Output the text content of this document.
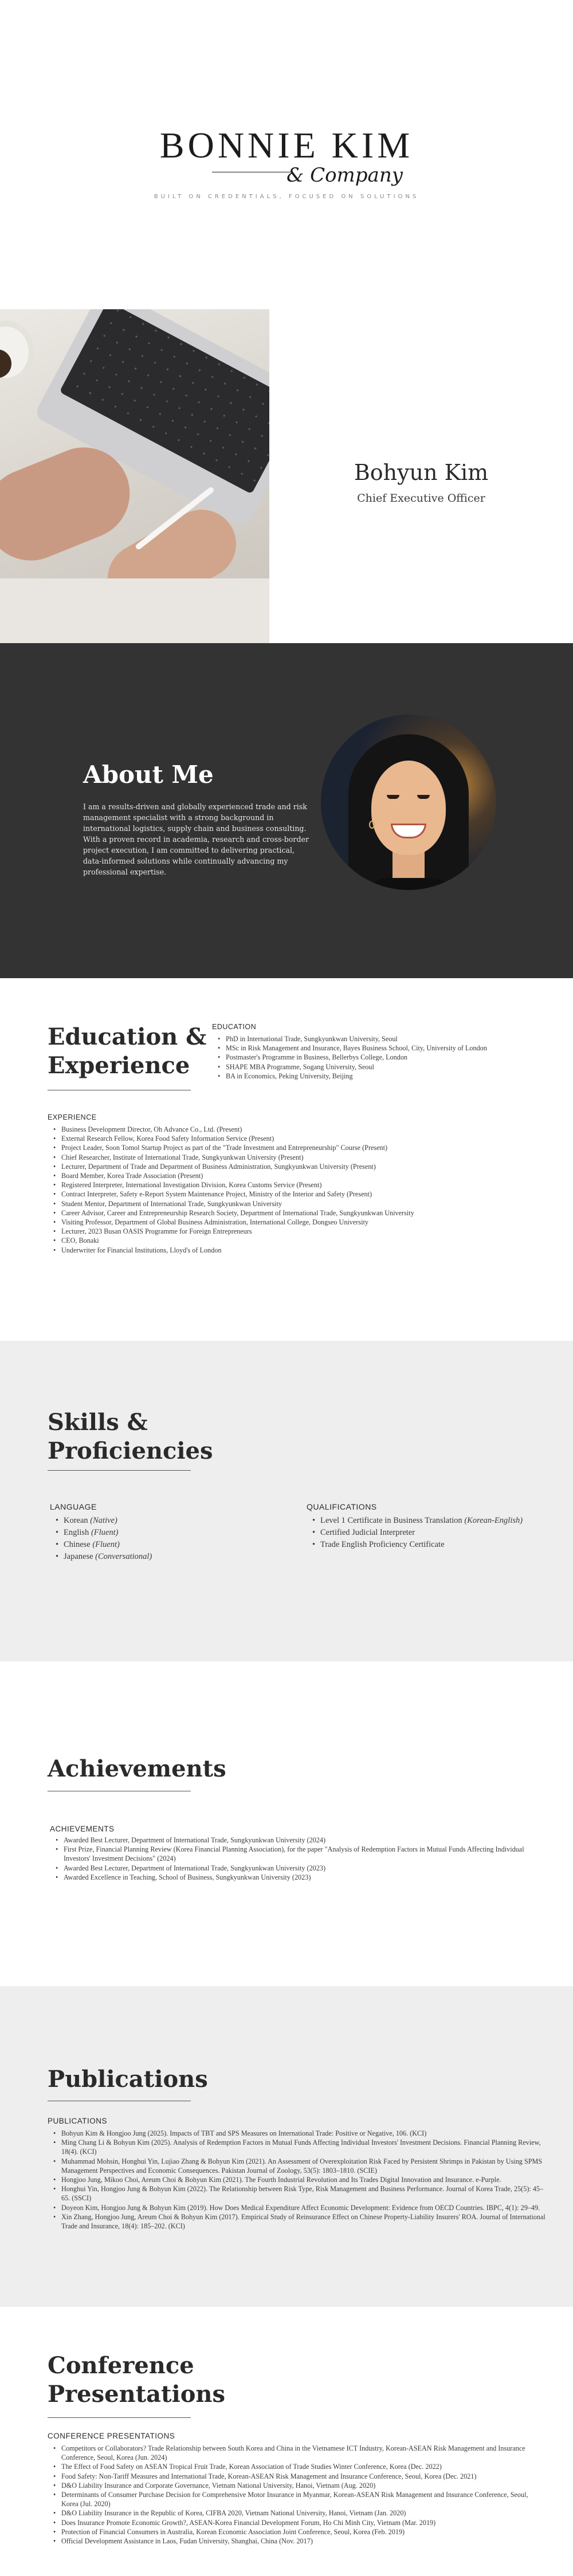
BONNIE KIM
& Company
BUILT ON CREDENTIALS, FOCUSED ON SOLUTIONS
Bohyun Kim
Chief Executive Officer
About Me

I am a results-driven and globally experienced trade and risk management specialist with a strong background in international logistics, supply chain and business consulting. With a proven record in academia, research and cross-border project execution, I am committed to delivering practical, data-informed solutions while continually advancing my professional expertise.

Education &
Experience
EDUCATION
• PhD in International Trade, Sungkyunkwan University, Seoul
• MSc in Risk Management and Insurance, Bayes Business School, City, University of London
• Postmaster's Programme in Business, Bellerbys College, London
• SHAPE MBA Programme, Sogang University, Seoul
• BA in Economics, Peking University, Beijing
EXPERIENCE
• Business Development Director, Oh Advance Co., Ltd. (Present)
• External Research Fellow, Korea Food Safety Information Service (Present)
• Project Leader, Soon Tomol Startup Project as part of the "Trade Investment and Entrepreneurship" Course (Present)
• Chief Researcher, Institute of International Trade, Sungkyunkwan University (Present)
• Lecturer, Department of Trade and Department of Business Administration, Sungkyunkwan University (Present)
• Board Member, Korea Trade Association (Present)
• Registered Interpreter, International Investigation Division, Korea Customs Service (Present)
• Contract Interpreter, Safety e-Report System Maintenance Project, Ministry of the Interior and Safety (Present)
• Student Mentor, Department of International Trade, Sungkyunkwan University
• Career Advisor, Career and Entrepreneurship Research Society, Department of International Trade, Sungkyunkwan University
• Visiting Professor, Department of Global Business Administration, International College, Dongseo University
• Lecturer, 2023 Busan OASIS Programme for Foreign Entrepreneurs
• CEO, Bonaki
• Underwriter for Financial Institutions, Lloyd's of London
Skills &
Proficiencies
LANGUAGE
• Korean (Native)
• English (Fluent)
• Chinese (Fluent)
• Japanese (Conversational)
QUALIFICATIONS
• Level 1 Certificate in Business Translation (Korean-English)
• Certified Judicial Interpreter
• Trade English Proficiency Certificate
Achievements
ACHIEVEMENTS
• Awarded Best Lecturer, Department of International Trade, Sungkyunkwan University (2024)
• First Prize, Financial Planning Review (Korea Financial Planning Association), for the paper "Analysis of Redemption Factors in Mutual Funds Affecting Individual Investors' Investment Decisions" (2024)
• Awarded Best Lecturer, Department of International Trade, Sungkyunkwan University (2023)
• Awarded Excellence in Teaching, School of Business, Sungkyunkwan University (2023)
Publications
PUBLICATIONS
• Bohyun Kim & Hongjoo Jung (2025). Impacts of TBT and SPS Measures on International Trade: Positive or Negative, 106. (KCI)
• Ming Chang Li & Bohyun Kim (2025). Analysis of Redemption Factors in Mutual Funds Affecting Individual Investors' Investment Decisions. Financial Planning Review, 18(4). (KCI)
• Muhammad Mohsin, Honghui Yin, Lujiao Zhang & Bohyun Kim (2021). An Assessment of Overexploitation Risk Faced by Persistent Shrimps in Pakistan by Using SPMS Management Perspectives and Economic Consequences. Pakistan Journal of Zoology, 53(5): 1803–1810. (SCIE)
• Hongjoo Jung, Mikoo Choi, Areum Choi & Bohyun Kim (2021). The Fourth Industrial Revolution and Its Trades Digital Innovation and Insurance. e-Purple.
• Honghui Yin, Hongjoo Jung & Bohyun Kim (2022). The Relationship between Risk Type, Risk Management and Business Performance. Journal of Korea Trade, 25(5): 45–65. (SSCI)
• Doyeon Kim, Hongjoo Jung & Bohyun Kim (2019). How Does Medical Expenditure Affect Economic Development: Evidence from OECD Countries. IBPC, 4(1): 29–49.
• Xin Zhang, Hongjoo Jung, Areum Choi & Bohyun Kim (2017). Empirical Study of Reinsurance Effect on Chinese Property-Liability Insurers' ROA. Journal of International Trade and Insurance, 18(4): 185–202. (KCI)
Conference
Presentations
CONFERENCE PRESENTATIONS
• Competitors or Collaborators? Trade Relationship between South Korea and China in the Vietnamese ICT Industry, Korean-ASEAN Risk Management and Insurance Conference, Seoul, Korea (Jun. 2024)
• The Effect of Food Safety on ASEAN Tropical Fruit Trade, Korean Association of Trade Studies Winter Conference, Korea (Dec. 2022)
• Food Safety: Non-Tariff Measures and International Trade, Korean-ASEAN Risk Management and Insurance Conference, Seoul, Korea (Dec. 2021)
• D&O Liability Insurance and Corporate Governance, Vietnam National University, Hanoi, Vietnam (Aug. 2020)
• Determinants of Consumer Purchase Decision for Comprehensive Motor Insurance in Myanmar, Korean-ASEAN Risk Management and Insurance Conference, Seoul, Korea (Jul. 2020)
• D&O Liability Insurance in the Republic of Korea, CIFBA 2020, Vietnam National University, Hanoi, Vietnam (Jan. 2020)
• Does Insurance Promote Economic Growth?, ASEAN-Korea Financial Development Forum, Ho Chi Minh City, Vietnam (Mar. 2019)
• Protection of Financial Consumers in Australia, Korean Economic Association Joint Conference, Seoul, Korea (Feb. 2019)
• Official Development Assistance in Laos, Fudan University, Shanghai, China (Nov. 2017)
